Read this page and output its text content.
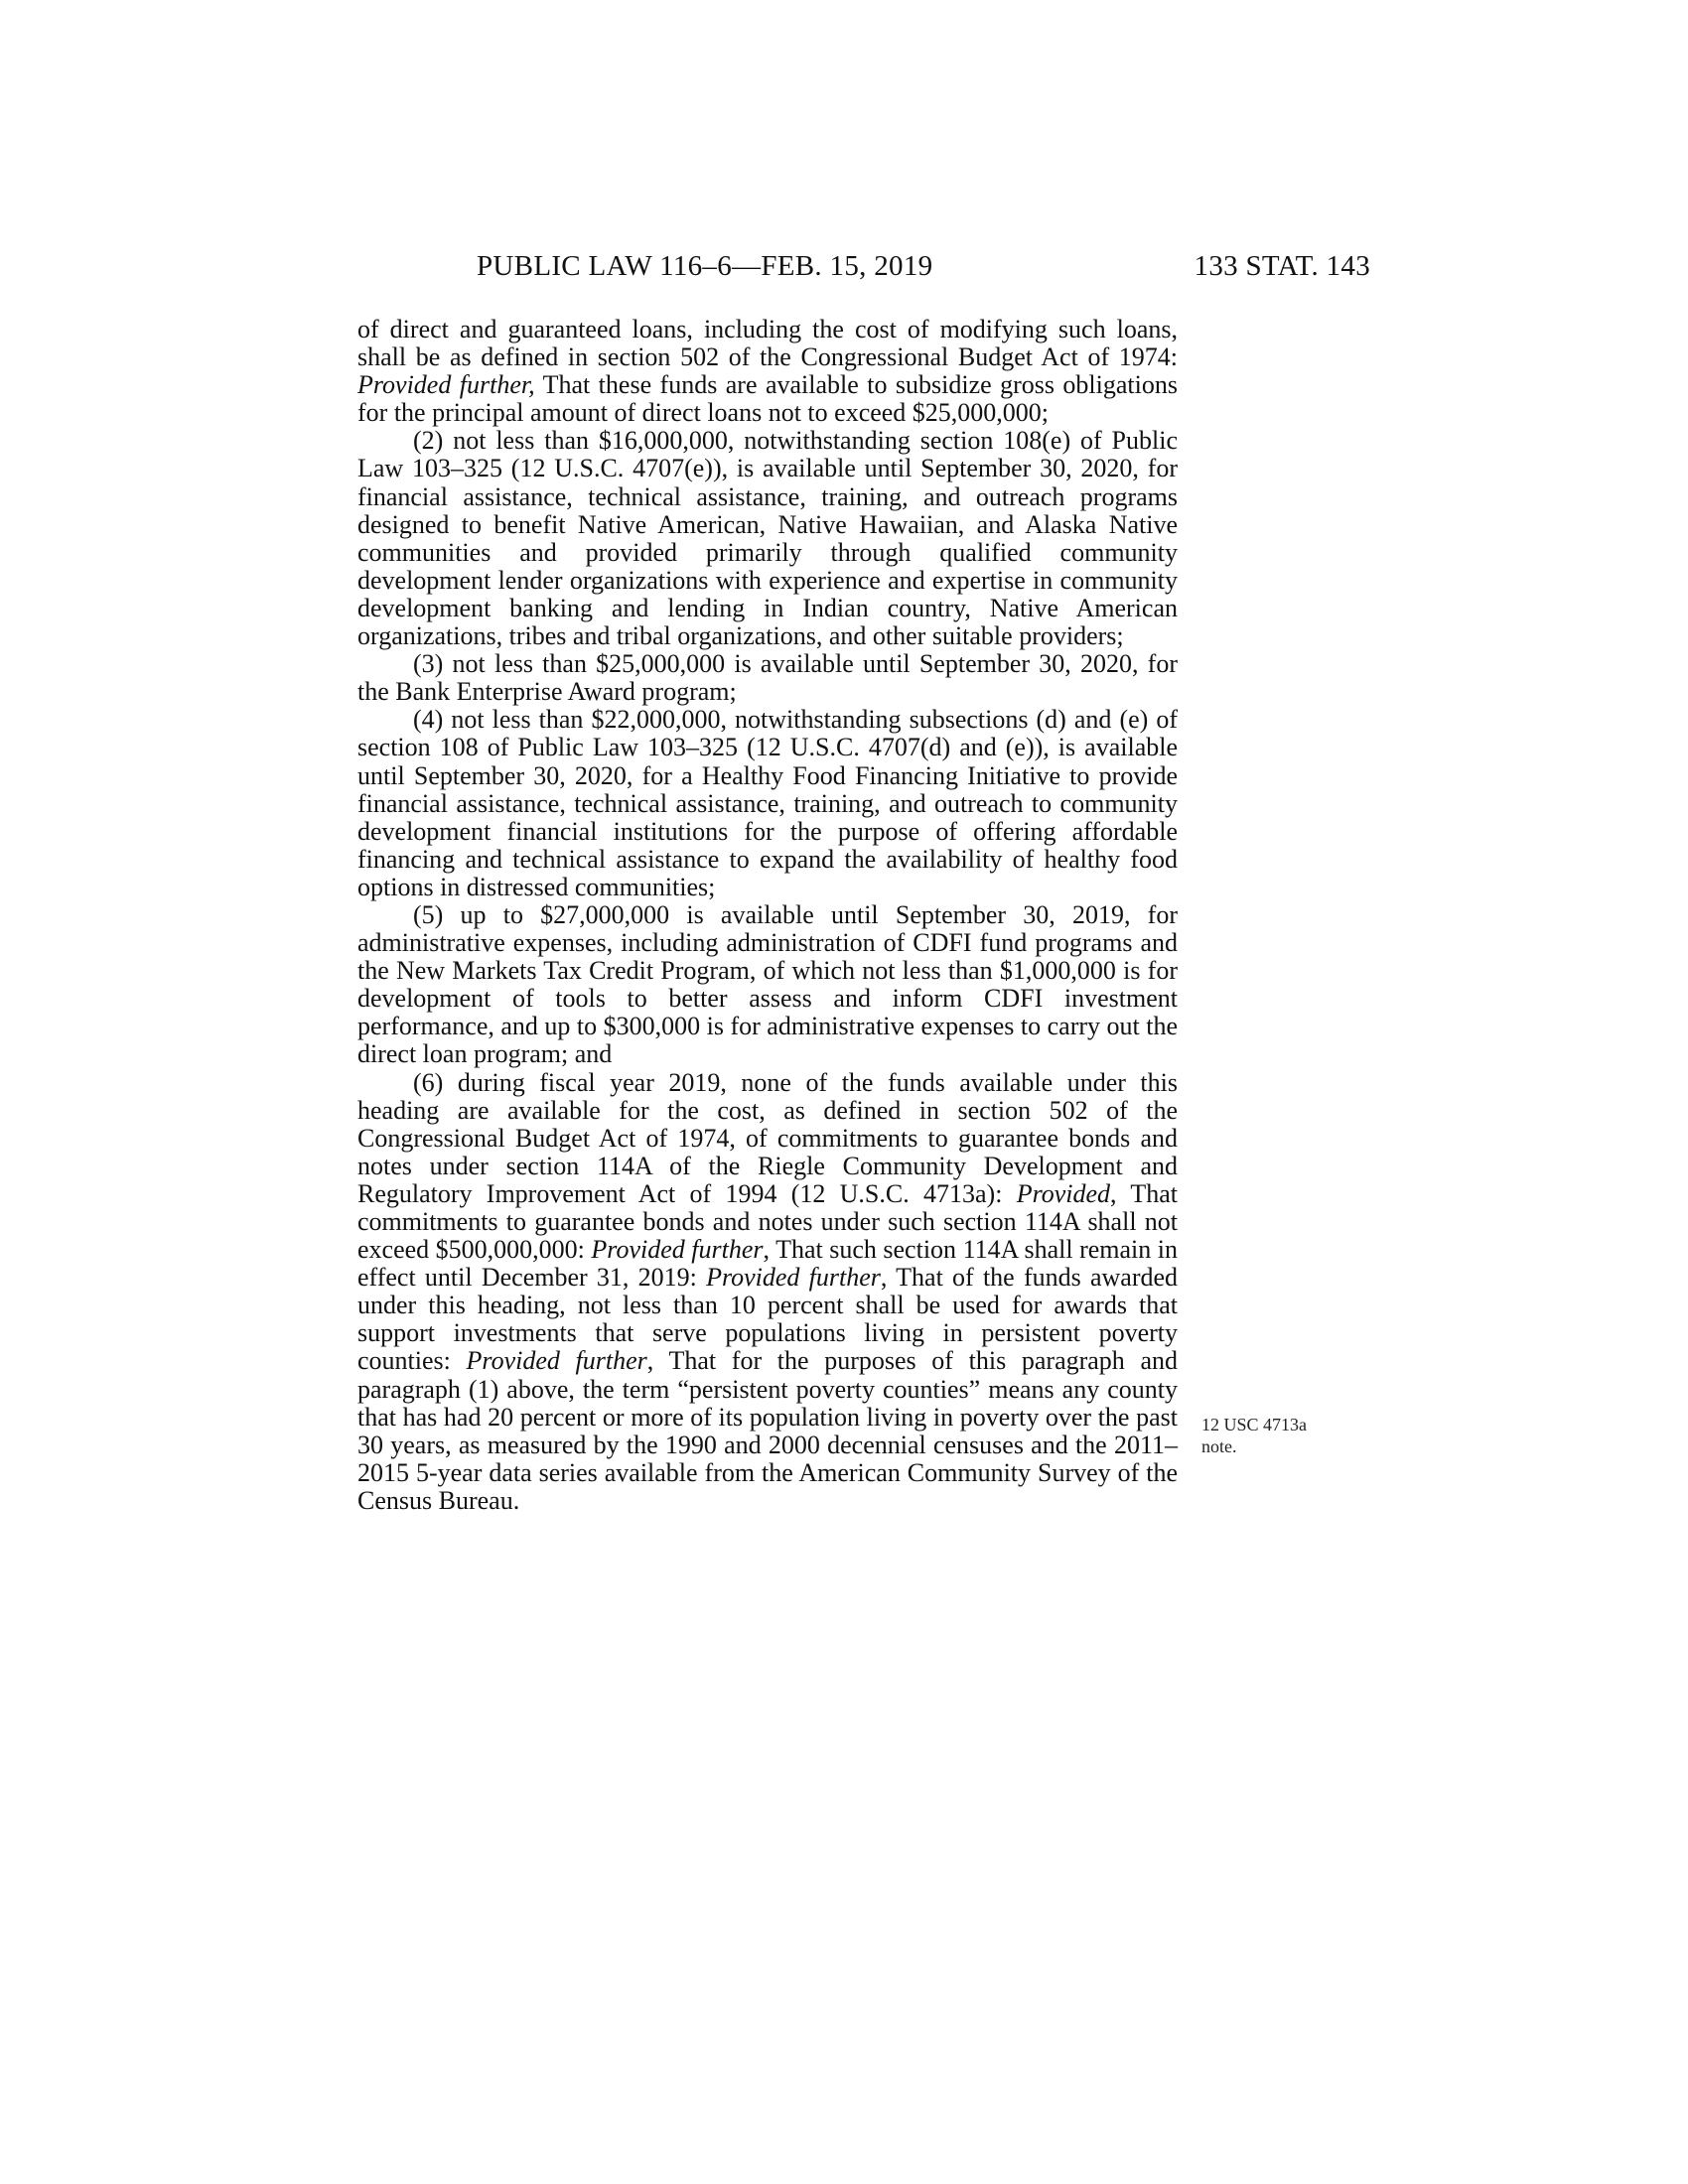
PUBLIC LAW 116–6—FEB. 15, 2019	133 STAT. 143

of direct and guaranteed loans, including the cost of modifying such loans, shall be as defined in section 502 of the Congressional Budget Act of 1974: Provided further, That these funds are available to subsidize gross obligations for the principal amount of direct loans not to exceed $25,000,000;

(2) not less than $16,000,000, notwithstanding section 108(e) of Public Law 103–325 (12 U.S.C. 4707(e)), is available until September 30, 2020, for financial assistance, technical assistance, training, and outreach programs designed to benefit Native American, Native Hawaiian, and Alaska Native communities and provided primarily through qualified community development lender organizations with experience and expertise in community development banking and lending in Indian country, Native American organizations, tribes and tribal organizations, and other suitable providers;

(3) not less than $25,000,000 is available until September 30, 2020, for the Bank Enterprise Award program;

(4) not less than $22,000,000, notwithstanding subsections (d) and (e) of section 108 of Public Law 103–325 (12 U.S.C. 4707(d) and (e)), is available until September 30, 2020, for a Healthy Food Financing Initiative to provide financial assistance, technical assistance, training, and outreach to community development financial institutions for the purpose of offering affordable financing and technical assistance to expand the availability of healthy food options in distressed communities;

(5) up to $27,000,000 is available until September 30, 2019, for administrative expenses, including administration of CDFI fund programs and the New Markets Tax Credit Program, of which not less than $1,000,000 is for development of tools to better assess and inform CDFI investment performance, and up to $300,000 is for administrative expenses to carry out the direct loan program; and

(6) during fiscal year 2019, none of the funds available under this heading are available for the cost, as defined in section 502 of the Congressional Budget Act of 1974, of commitments to guarantee bonds and notes under section 114A of the Riegle Community Development and Regulatory Improvement Act of 1994 (12 U.S.C. 4713a): Provided, That commitments to guarantee bonds and notes under such section 114A shall not exceed $500,000,000: Provided further, That such section 114A shall remain in effect until December 31, 2019: Provided further, That of the funds awarded under this heading, not less than 10 percent shall be used for awards that support investments that serve populations living in persistent poverty counties: Provided further, That for the purposes of this paragraph and paragraph (1) above, the term “persistent poverty counties” means any county that has had 20 percent or more of its population living in poverty over the past 30 years, as measured by the 1990 and 2000 decennial censuses and the 2011–2015 5-year data series available from the American Community Survey of the Census Bureau.

12 USC 4713a
note.
